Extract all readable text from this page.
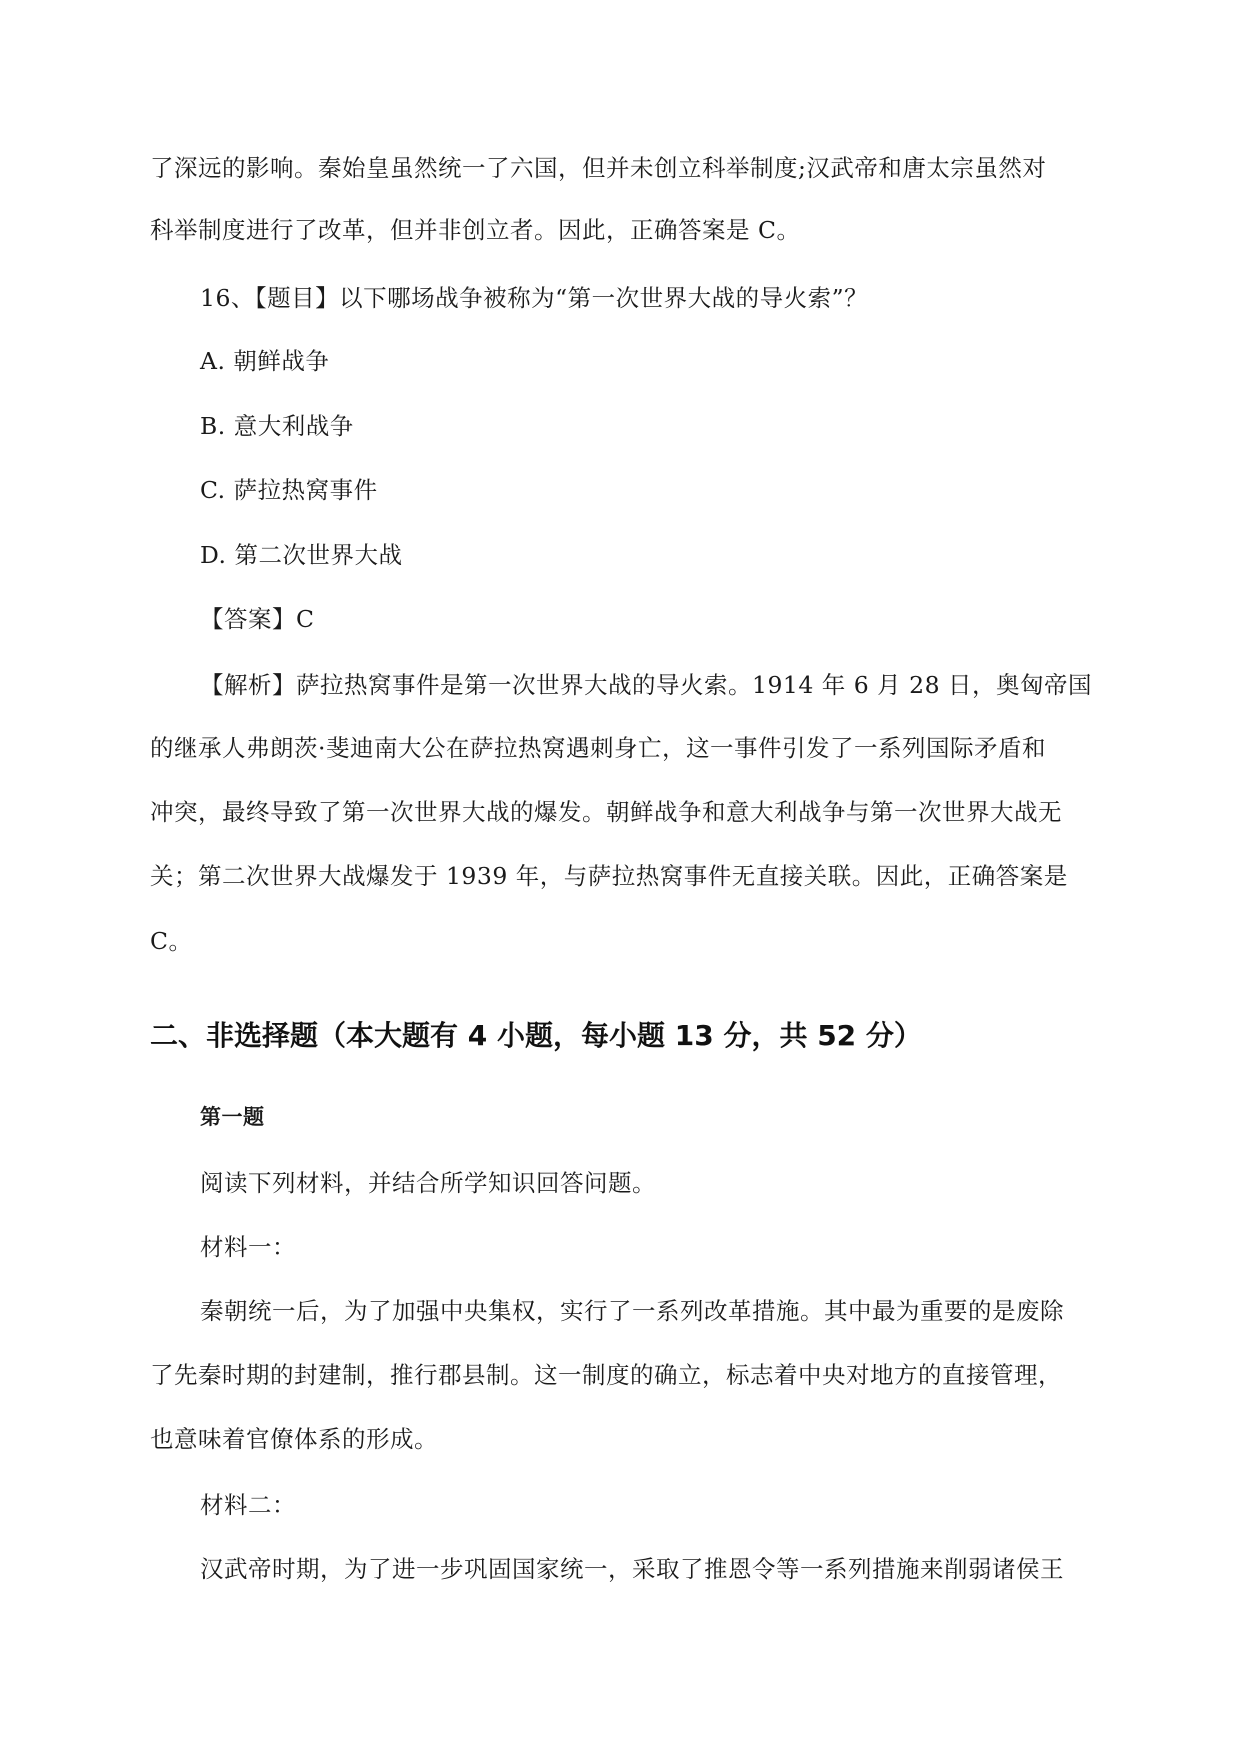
了深远的影响。秦始皇虽然统一了六国，但并未创立科举制度;汉武帝和唐太宗虽然对
科举制度进行了改革，但并非创立者。因此，正确答案是 C。
16、【题目】以下哪场战争被称为“第一次世界大战的导火索”？
A. 朝鲜战争
B. 意大利战争
C. 萨拉热窝事件
D. 第二次世界大战
【答案】C
【解析】萨拉热窝事件是第一次世界大战的导火索。1914 年 6 月 28 日，奥匈帝国
的继承人弗朗茨·斐迪南大公在萨拉热窝遇刺身亡，这一事件引发了一系列国际矛盾和
冲突，最终导致了第一次世界大战的爆发。朝鲜战争和意大利战争与第一次世界大战无
关；第二次世界大战爆发于 1939 年，与萨拉热窝事件无直接关联。因此，正确答案是
C。
二、非选择题（本大题有 4 小题，每小题 13 分，共 52 分）
第一题
阅读下列材料，并结合所学知识回答问题。
材料一：
秦朝统一后，为了加强中央集权，实行了一系列改革措施。其中最为重要的是废除
了先秦时期的封建制，推行郡县制。这一制度的确立，标志着中央对地方的直接管理，
也意味着官僚体系的形成。
材料二：
汉武帝时期，为了进一步巩固国家统一，采取了推恩令等一系列措施来削弱诸侯王
